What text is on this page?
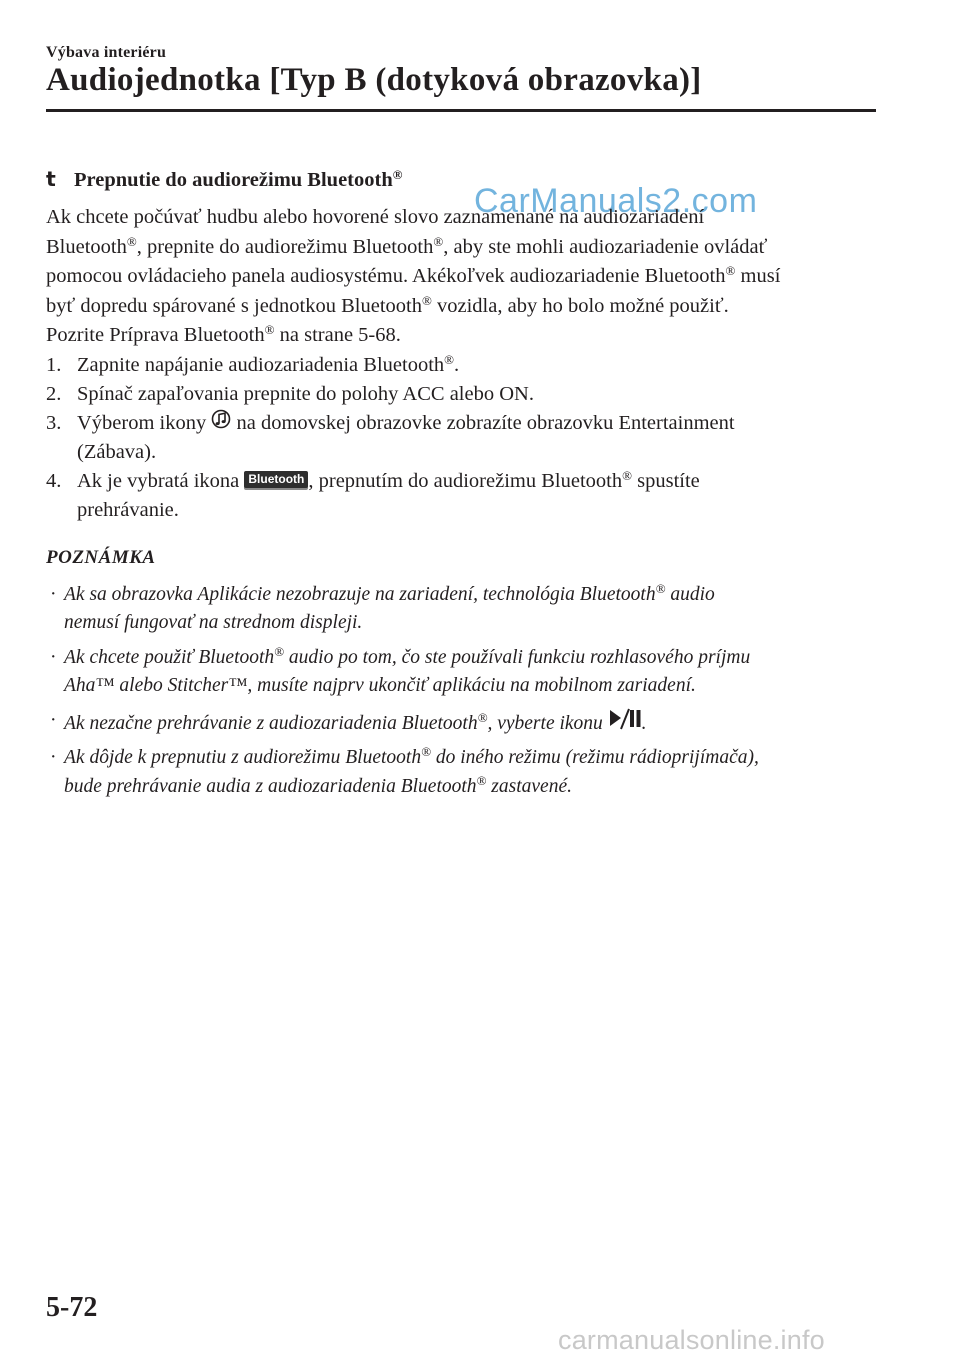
Výbava interiéru
Audiojednotka [Typ B (dotyková obrazovka)]
CarManuals2.com
t Prepnutie do audiorežimu Bluetooth®

Ak chcete počúvať hudbu alebo hovorené slovo zaznamenané na audiozariadení
Bluetooth®, prepnite do audiorežimu Bluetooth®, aby ste mohli audiozariadenie ovládať
pomocou ovládacieho panela audiosystému. Akékoľvek audiozariadenie Bluetooth® musí
byť dopredu spárované s jednotkou Bluetooth® vozidla, aby ho bolo možné použiť.
Pozrite Príprava Bluetooth® na strane 5-68.

1. Zapnite napájanie audiozariadenia Bluetooth®.
2. Spínač zapaľovania prepnite do polohy ACC alebo ON.
3. Výberom ikony  na domovskej obrazovke zobrazíte obrazovku Entertainment
(Zábava).
4. Ak je vybratá ikona Bluetooth , prepnutím do audiorežimu Bluetooth® spustíte
prehrávanie.
POZNÁMKA
· Ak sa obrazovka Aplikácie nezobrazuje na zariadení, technológia Bluetooth® audio
nemusí fungovať na strednom displeji.
· Ak chcete použiť Bluetooth® audio po tom, čo ste používali funkciu rozhlasového príjmu
Aha™ alebo Stitcher™, musíte najprv ukončiť aplikáciu na mobilnom zariadení.
· Ak nezačne prehrávanie z audiozariadenia Bluetooth®, vyberte ikonu .
· Ak dôjde k prepnutiu z audiorežimu Bluetooth® do iného režimu (režimu rádioprijímača),
bude prehrávanie audia z audiozariadenia Bluetooth® zastavené.
5-72
carmanualsonline.info
